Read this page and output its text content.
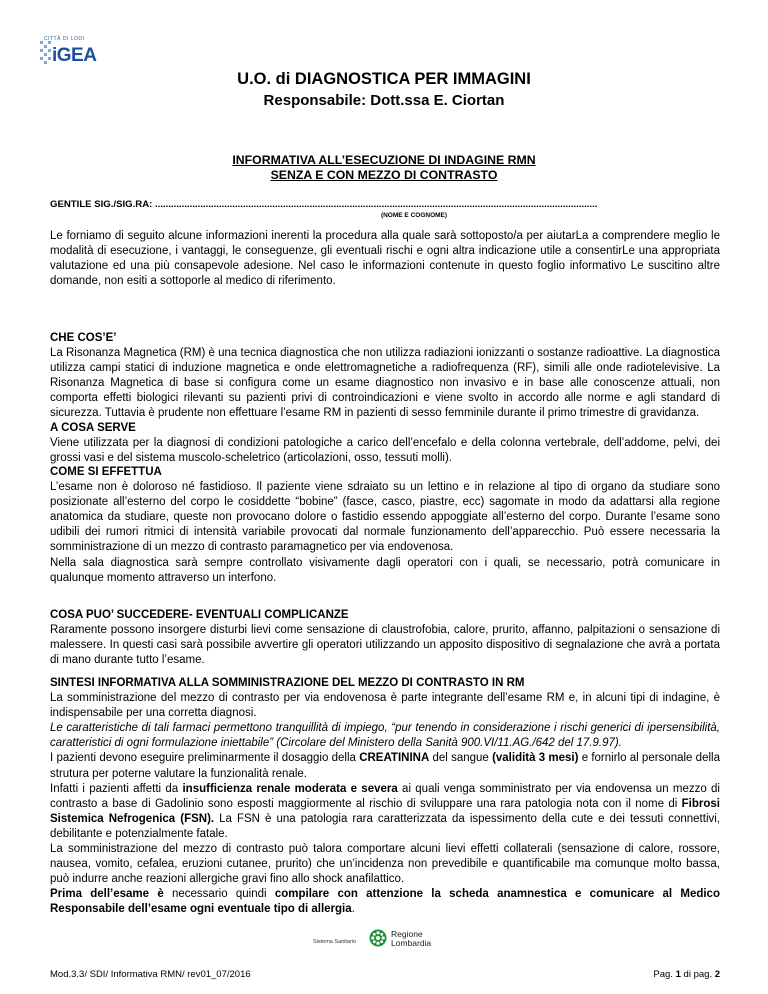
CITTÀ DI LODI
iGEA
U.O. di DIAGNOSTICA PER IMMAGINI
Responsabile: Dott.ssa E. Ciortan
INFORMATIVA ALL’ESECUZIONE DI INDAGINE RMN
SENZA E CON MEZZO DI CONTRASTO
GENTILE SIG./SIG.RA: ......................................................................................................................................................................
(NOME E COGNOME)
Le forniamo di seguito alcune informazioni inerenti la procedura alla quale sarà sottoposto/a per aiutarLa a comprendere meglio le modalità di esecuzione, i vantaggi, le conseguenze, gli eventuali rischi e ogni altra indicazione utile a consentirLe una appropriata valutazione ed una più consapevole adesione. Nel caso le informazioni contenute in questo foglio informativo Le suscitino altre domande, non esiti a sottoporle al medico di riferimento.

CHE COS’E’

La Risonanza Magnetica (RM) è una tecnica diagnostica che non utilizza radiazioni ionizzanti o sostanze radioattive. La diagnostica utilizza campi statici di induzione magnetica e onde elettromagnetiche a radiofrequenza (RF), simili alle onde radiotelevisive. La Risonanza Magnetica di base si configura come un esame diagnostico non invasivo e in base alle conoscenze attuali, non comporta effetti biologici rilevanti su pazienti privi di controindicazioni e viene svolto in accordo alle norme e agli standard di sicurezza. Tuttavia è prudente non effettuare l’esame RM in pazienti di sesso femminile durante il primo trimestre di gravidanza.

A COSA SERVE

Viene utilizzata per la diagnosi di condizioni patologiche a carico dell’encefalo e della colonna vertebrale, dell’addome, pelvi, dei grossi vasi e del sistema muscolo-scheletrico (articolazioni, osso, tessuti molli).

COME SI EFFETTUA

L’esame non è doloroso né fastidioso. Il paziente viene sdraiato su un lettino e in relazione al tipo di organo da studiare sono posizionate all’esterno del corpo le cosiddette “bobine” (fasce, casco, piastre, ecc) sagomate in modo da adattarsi alla regione anatomica da studiare, queste non provocano dolore o fastidio essendo appoggiate all’esterno del corpo. Durante l’esame sono udibili dei rumori ritmici di intensità variabile provocati dal normale funzionamento dell’apparecchio. Può essere necessaria la somministrazione di un mezzo di contrasto paramagnetico per via endovenosa.

Nella sala diagnostica sarà sempre controllato visivamente dagli operatori con i quali, se necessario, potrà comunicare in qualunque momento attraverso un interfono.

COSA PUO’ SUCCEDERE- EVENTUALI COMPLICANZE

Raramente possono insorgere disturbi lievi come sensazione di claustrofobia, calore, prurito, affanno, palpitazioni o sensazione di malessere. In questi casi sarà possibile avvertire gli operatori utilizzando un apposito dispositivo di segnalazione che avrà a portata di mano durante tutto l’esame.

SINTESI INFORMATIVA ALLA SOMMINISTRAZIONE DEL MEZZO DI CONTRASTO IN RM

La somministrazione del mezzo di contrasto per via endovenosa è parte integrante dell’esame RM e, in alcuni tipi di indagine, è indispensabile per una corretta diagnosi.

Le caratteristiche di tali farmaci permettono tranquillità di impiego, “pur tenendo in considerazione i rischi generici di ipersensibilità, caratteristici di ogni formulazione iniettabile” (Circolare del Ministero della Sanità 900.VI/11.AG./642 del 17.9.97).

I pazienti devono eseguire preliminarmente il dosaggio della CREATININA del sangue (validità 3 mesi) e fornirlo al personale della strutura per poterne valutare la funzionalità renale.

Infatti i pazienti affetti da insufficienza renale moderata e severa ai quali venga somministrato per via endovensa un mezzo di contrasto a base di Gadolinio sono esposti maggiormente al rischio di sviluppare una rara patologia nota con il nome di Fibrosi Sistemica Nefrogenica (FSN). La FSN è una patologia rara caratterizzata da ispessimento della cute e dei tessuti connettivi, debilitante e potenzialmente fatale.

La somministrazione del mezzo di contrasto può talora comportare alcuni lievi effetti collaterali (sensazione di calore, rossore, nausea, vomito, cefalea, eruzioni cutanee, prurito) che un’incidenza non prevedibile e quantificabile ma comunque molto bassa, può indurre anche reazioni allergiche gravi fino allo shock anafilattico.

Prima dell’esame è necessario quindi compilare con attenzione la scheda anamnestica e comunicare al Medico Responsabile dell’esame ogni eventuale tipo di allergia.

Sistema Sanitario
Regione
Lombardia
Mod.3.3/ SDI/ Informativa RMN/ rev01_07/2016	Pag. 1 di pag. 2
